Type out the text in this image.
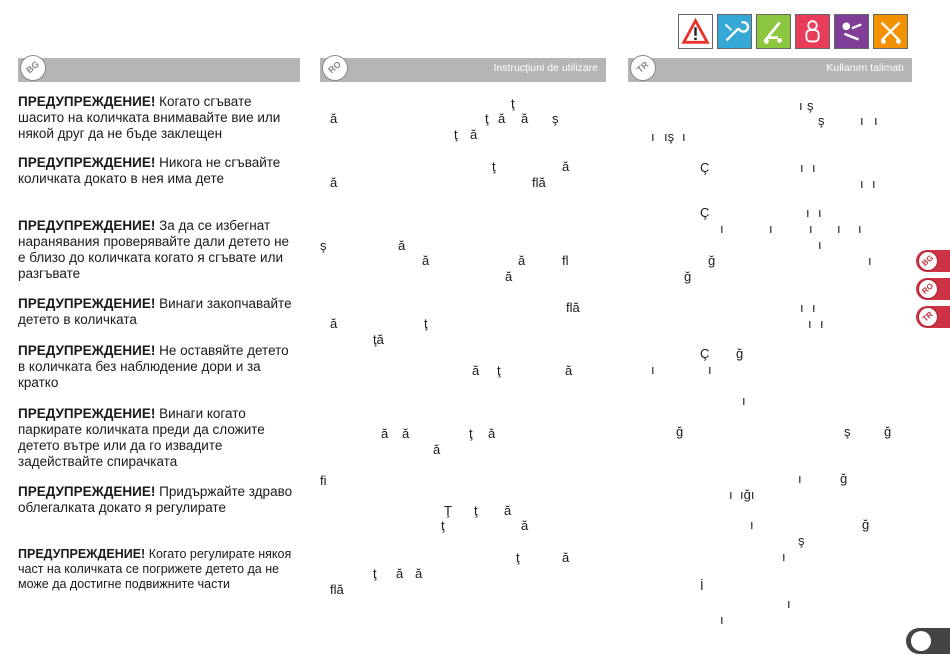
BG	RO	Instrucţiuni de utilizare	TR	Kullanım talimatı

ПРЕДУПРЕЖДЕНИЕ! Когато сгъвате шасито на количката внимавайте вие или някой друг да не бъде заклещен

ПРЕДУПРЕЖДЕНИЕ! Никога не сгъвайте количката докато в нея има дете

ПРЕДУПРЕЖДЕНИЕ! За да се избегнат наранявания проверявайте дали детето не е близо до количката когато я сгъвате или разгъвате

ПРЕДУПРЕЖДЕНИЕ! Винаги закопчавайте детето в количката

ПРЕДУПРЕЖДЕНИЕ! Не оставяйте детето в количката без наблюдение дори и за кратко

ПРЕДУПРЕЖДЕНИЕ! Винаги когато паркирате количката преди да сложите детето вътре или да го извадите задействайте спирачката

ПРЕДУПРЕЖДЕНИЕ! Придържайте здраво облегалката докато я регулирате

ПРЕДУПРЕЖДЕНИЕ! Когато регулирате някоя част на количката се погрижете детето да не може да достигне подвижните части

ţ
ă	ţ ă ă ş
ţ ă
ţ	ă
ă	flă
ş	ă
ă	ă	fl
ă
flă
ă	ţ
ţă
ă ţ	ă
ă ă	ţ ă
ă
fi
Ţ ţ ă
ţ	ă
ţ	ă
ţ ă ă
flă
ı ş
ş	ı ı
ı ış ı
Ç	ı ı
ı ı
Ç	ı ı
ı	ı	ı ı ı
ı
ğ	ı
ğ
ı ı
ı ı
Ç ğ
ı	ı
ı
ğ	ş	ğ
ı	ğ
ı ığı
ı	ğ
ş
ı
İ
ı
ı
BG
RO
TR
